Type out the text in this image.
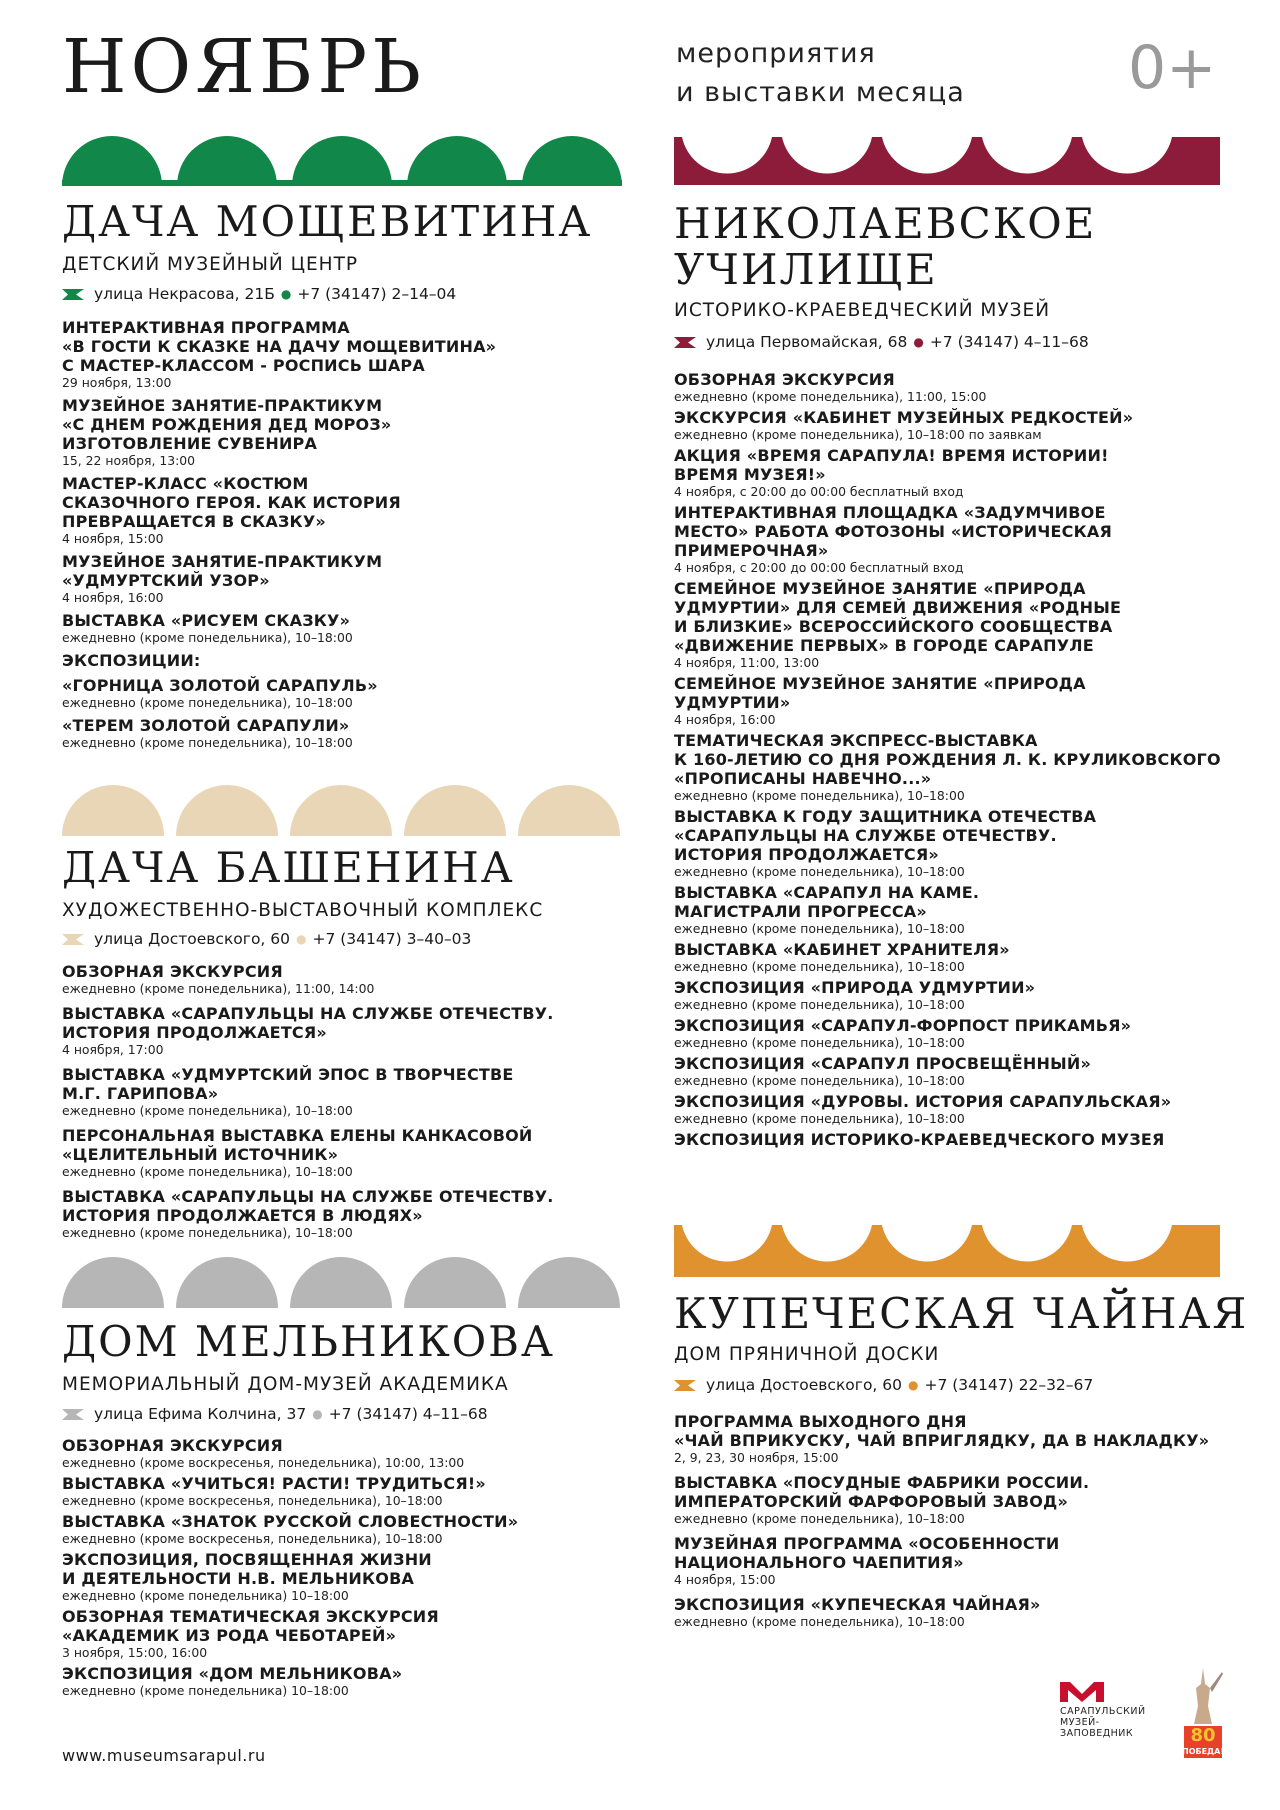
НОЯБРЬ	мероприятия
и выставки месяца	0+
ДАЧА МОЩЕВИТИНА
ДЕТСКИЙ МУЗЕЙНЫЙ ЦЕНТР
улица Некрасова, 21Б ● +7 (34147) 2–14–04
ИНТЕРАКТИВНАЯ ПРОГРАММА
«В ГОСТИ К СКАЗКЕ НА ДАЧУ МОЩЕВИТИНА»
С МАСТЕР-КЛАССОМ - РОСПИСЬ ШАРА
29 ноября, 13:00
МУЗЕЙНОЕ ЗАНЯТИЕ-ПРАКТИКУМ
«С ДНЕМ РОЖДЕНИЯ ДЕД МОРОЗ»
ИЗГОТОВЛЕНИЕ СУВЕНИРА
15, 22 ноября, 13:00
МАСТЕР-КЛАСС «КОСТЮМ
СКАЗОЧНОГО ГЕРОЯ. КАК ИСТОРИЯ
ПРЕВРАЩАЕТСЯ В СКАЗКУ»
4 ноября, 15:00
МУЗЕЙНОЕ ЗАНЯТИЕ-ПРАКТИКУМ
«УДМУРТСКИЙ УЗОР»
4 ноября, 16:00
ВЫСТАВКА «РИСУЕМ СКАЗКУ»
ежедневно (кроме понедельника), 10–18:00
ЭКСПОЗИЦИИ:
«ГОРНИЦА ЗОЛОТОЙ САРАПУЛЬ»
ежедневно (кроме понедельника), 10–18:00
«ТЕРЕМ ЗОЛОТОЙ САРАПУЛИ»
ежедневно (кроме понедельника), 10–18:00
ДАЧА БАШЕНИНА
ХУДОЖЕСТВЕННО-ВЫСТАВОЧНЫЙ КОМПЛЕКС
улица Достоевского, 60 ● +7 (34147) 3–40–03
ОБЗОРНАЯ ЭКСКУРСИЯ
ежедневно (кроме понедельника), 11:00, 14:00
ВЫСТАВКА «САРАПУЛЬЦЫ НА СЛУЖБЕ ОТЕЧЕСТВУ.
ИСТОРИЯ ПРОДОЛЖАЕТСЯ»
4 ноября, 17:00
ВЫСТАВКА «УДМУРТСКИЙ ЭПОС В ТВОРЧЕСТВЕ
М.Г. ГАРИПОВА»
ежедневно (кроме понедельника), 10–18:00
ПЕРСОНАЛЬНАЯ ВЫСТАВКА ЕЛЕНЫ КАНКАСОВОЙ
«ЦЕЛИТЕЛЬНЫЙ ИСТОЧНИК»
ежедневно (кроме понедельника), 10–18:00
ВЫСТАВКА «САРАПУЛЬЦЫ НА СЛУЖБЕ ОТЕЧЕСТВУ.
ИСТОРИЯ ПРОДОЛЖАЕТСЯ В ЛЮДЯХ»
ежедневно (кроме понедельника), 10–18:00
ДОМ МЕЛЬНИКОВА
МЕМОРИАЛЬНЫЙ ДОМ-МУЗЕЙ АКАДЕМИКА
улица Ефима Колчина, 37 ● +7 (34147) 4–11–68
ОБЗОРНАЯ ЭКСКУРСИЯ
ежедневно (кроме воскресенья, понедельника), 10:00, 13:00
ВЫСТАВКА «УЧИТЬСЯ! РАСТИ! ТРУДИТЬСЯ!»
ежедневно (кроме воскресенья, понедельника), 10–18:00
ВЫСТАВКА «ЗНАТОК РУССКОЙ СЛОВЕСТНОСТИ»
ежедневно (кроме воскресенья, понедельника), 10–18:00
ЭКСПОЗИЦИЯ, ПОСВЯЩЕННАЯ ЖИЗНИ
И ДЕЯТЕЛЬНОСТИ Н.В. МЕЛЬНИКОВА
ежедневно (кроме понедельника) 10–18:00
ОБЗОРНАЯ ТЕМАТИЧЕСКАЯ ЭКСКУРСИЯ
«АКАДЕМИК ИЗ РОДА ЧЕБОТАРЕЙ»
3 ноября, 15:00, 16:00
ЭКСПОЗИЦИЯ «ДОМ МЕЛЬНИКОВА»
ежедневно (кроме понедельника) 10–18:00
НИКОЛАЕВСКОЕ
УЧИЛИЩЕ
ИСТОРИКО-КРАЕВЕДЧЕСКИЙ МУЗЕЙ
улица Первомайская, 68 ● +7 (34147) 4–11–68
ОБЗОРНАЯ ЭКСКУРСИЯ
ежедневно (кроме понедельника), 11:00, 15:00
ЭКСКУРСИЯ «КАБИНЕТ МУЗЕЙНЫХ РЕДКОСТЕЙ»
ежедневно (кроме понедельника), 10–18:00 по заявкам
АКЦИЯ «ВРЕМЯ САРАПУЛА! ВРЕМЯ ИСТОРИИ!
ВРЕМЯ МУЗЕЯ!»
4 ноября, с 20:00 до 00:00 бесплатный вход
ИНТЕРАКТИВНАЯ ПЛОЩАДКА «ЗАДУМЧИВОЕ
МЕСТО» РАБОТА ФОТОЗОНЫ «ИСТОРИЧЕСКАЯ
ПРИМЕРОЧНАЯ»
4 ноября, с 20:00 до 00:00 бесплатный вход
СЕМЕЙНОЕ МУЗЕЙНОЕ ЗАНЯТИЕ «ПРИРОДА
УДМУРТИИ» ДЛЯ СЕМЕЙ ДВИЖЕНИЯ «РОДНЫЕ
И БЛИЗКИЕ» ВСЕРОССИЙСКОГО СООБЩЕСТВА
«ДВИЖЕНИЕ ПЕРВЫХ» В ГОРОДЕ САРАПУЛЕ
4 ноября, 11:00, 13:00
СЕМЕЙНОЕ МУЗЕЙНОЕ ЗАНЯТИЕ «ПРИРОДА
УДМУРТИИ»
4 ноября, 16:00
ТЕМАТИЧЕСКАЯ ЭКСПРЕСС-ВЫСТАВКА
К 160-ЛЕТИЮ СО ДНЯ РОЖДЕНИЯ Л. К. КРУЛИКОВСКОГО
«ПРОПИСАНЫ НАВЕЧНО...»
ежедневно (кроме понедельника), 10–18:00
ВЫСТАВКА К ГОДУ ЗАЩИТНИКА ОТЕЧЕСТВА
«САРАПУЛЬЦЫ НА СЛУЖБЕ ОТЕЧЕСТВУ.
ИСТОРИЯ ПРОДОЛЖАЕТСЯ»
ежедневно (кроме понедельника), 10–18:00
ВЫСТАВКА «САРАПУЛ НА КАМЕ.
МАГИСТРАЛИ ПРОГРЕССА»
ежедневно (кроме понедельника), 10–18:00
ВЫСТАВКА «КАБИНЕТ ХРАНИТЕЛЯ»
ежедневно (кроме понедельника), 10–18:00
ЭКСПОЗИЦИЯ «ПРИРОДА УДМУРТИИ»
ежедневно (кроме понедельника), 10–18:00
ЭКСПОЗИЦИЯ «САРАПУЛ-ФОРПОСТ ПРИКАМЬЯ»
ежедневно (кроме понедельника), 10–18:00
ЭКСПОЗИЦИЯ «САРАПУЛ ПРОСВЕЩЁННЫЙ»
ежедневно (кроме понедельника), 10–18:00
ЭКСПОЗИЦИЯ «ДУРОВЫ. ИСТОРИЯ САРАПУЛЬСКАЯ»
ежедневно (кроме понедельника), 10–18:00
ЭКСПОЗИЦИЯ ИСТОРИКО-КРАЕВЕДЧЕСКОГО МУЗЕЯ
КУПЕЧЕСКАЯ ЧАЙНАЯ
ДОМ ПРЯНИЧНОЙ ДОСКИ
улица Достоевского, 60 ● +7 (34147) 22–32–67
ПРОГРАММА ВЫХОДНОГО ДНЯ
«ЧАЙ ВПРИКУСКУ, ЧАЙ ВПРИГЛЯДКУ, ДА В НАКЛАДКУ»
2, 9, 23, 30 ноября, 15:00
ВЫСТАВКА «ПОСУДНЫЕ ФАБРИКИ РОССИИ.
ИМПЕРАТОРСКИЙ ФАРФОРОВЫЙ ЗАВОД»
ежедневно (кроме понедельника), 10–18:00
МУЗЕЙНАЯ ПРОГРАММА «ОСОБЕННОСТИ
НАЦИОНАЛЬНОГО ЧАЕПИТИЯ»
4 ноября, 15:00
ЭКСПОЗИЦИЯ «КУПЕЧЕСКАЯ ЧАЙНАЯ»
ежедневно (кроме понедельника), 10–18:00
www.museumsarapul.ru
САРАПУЛЬСКИЙ
МУЗЕЙ-
ЗАПОВЕДНИК	80
ПОБЕДА!
